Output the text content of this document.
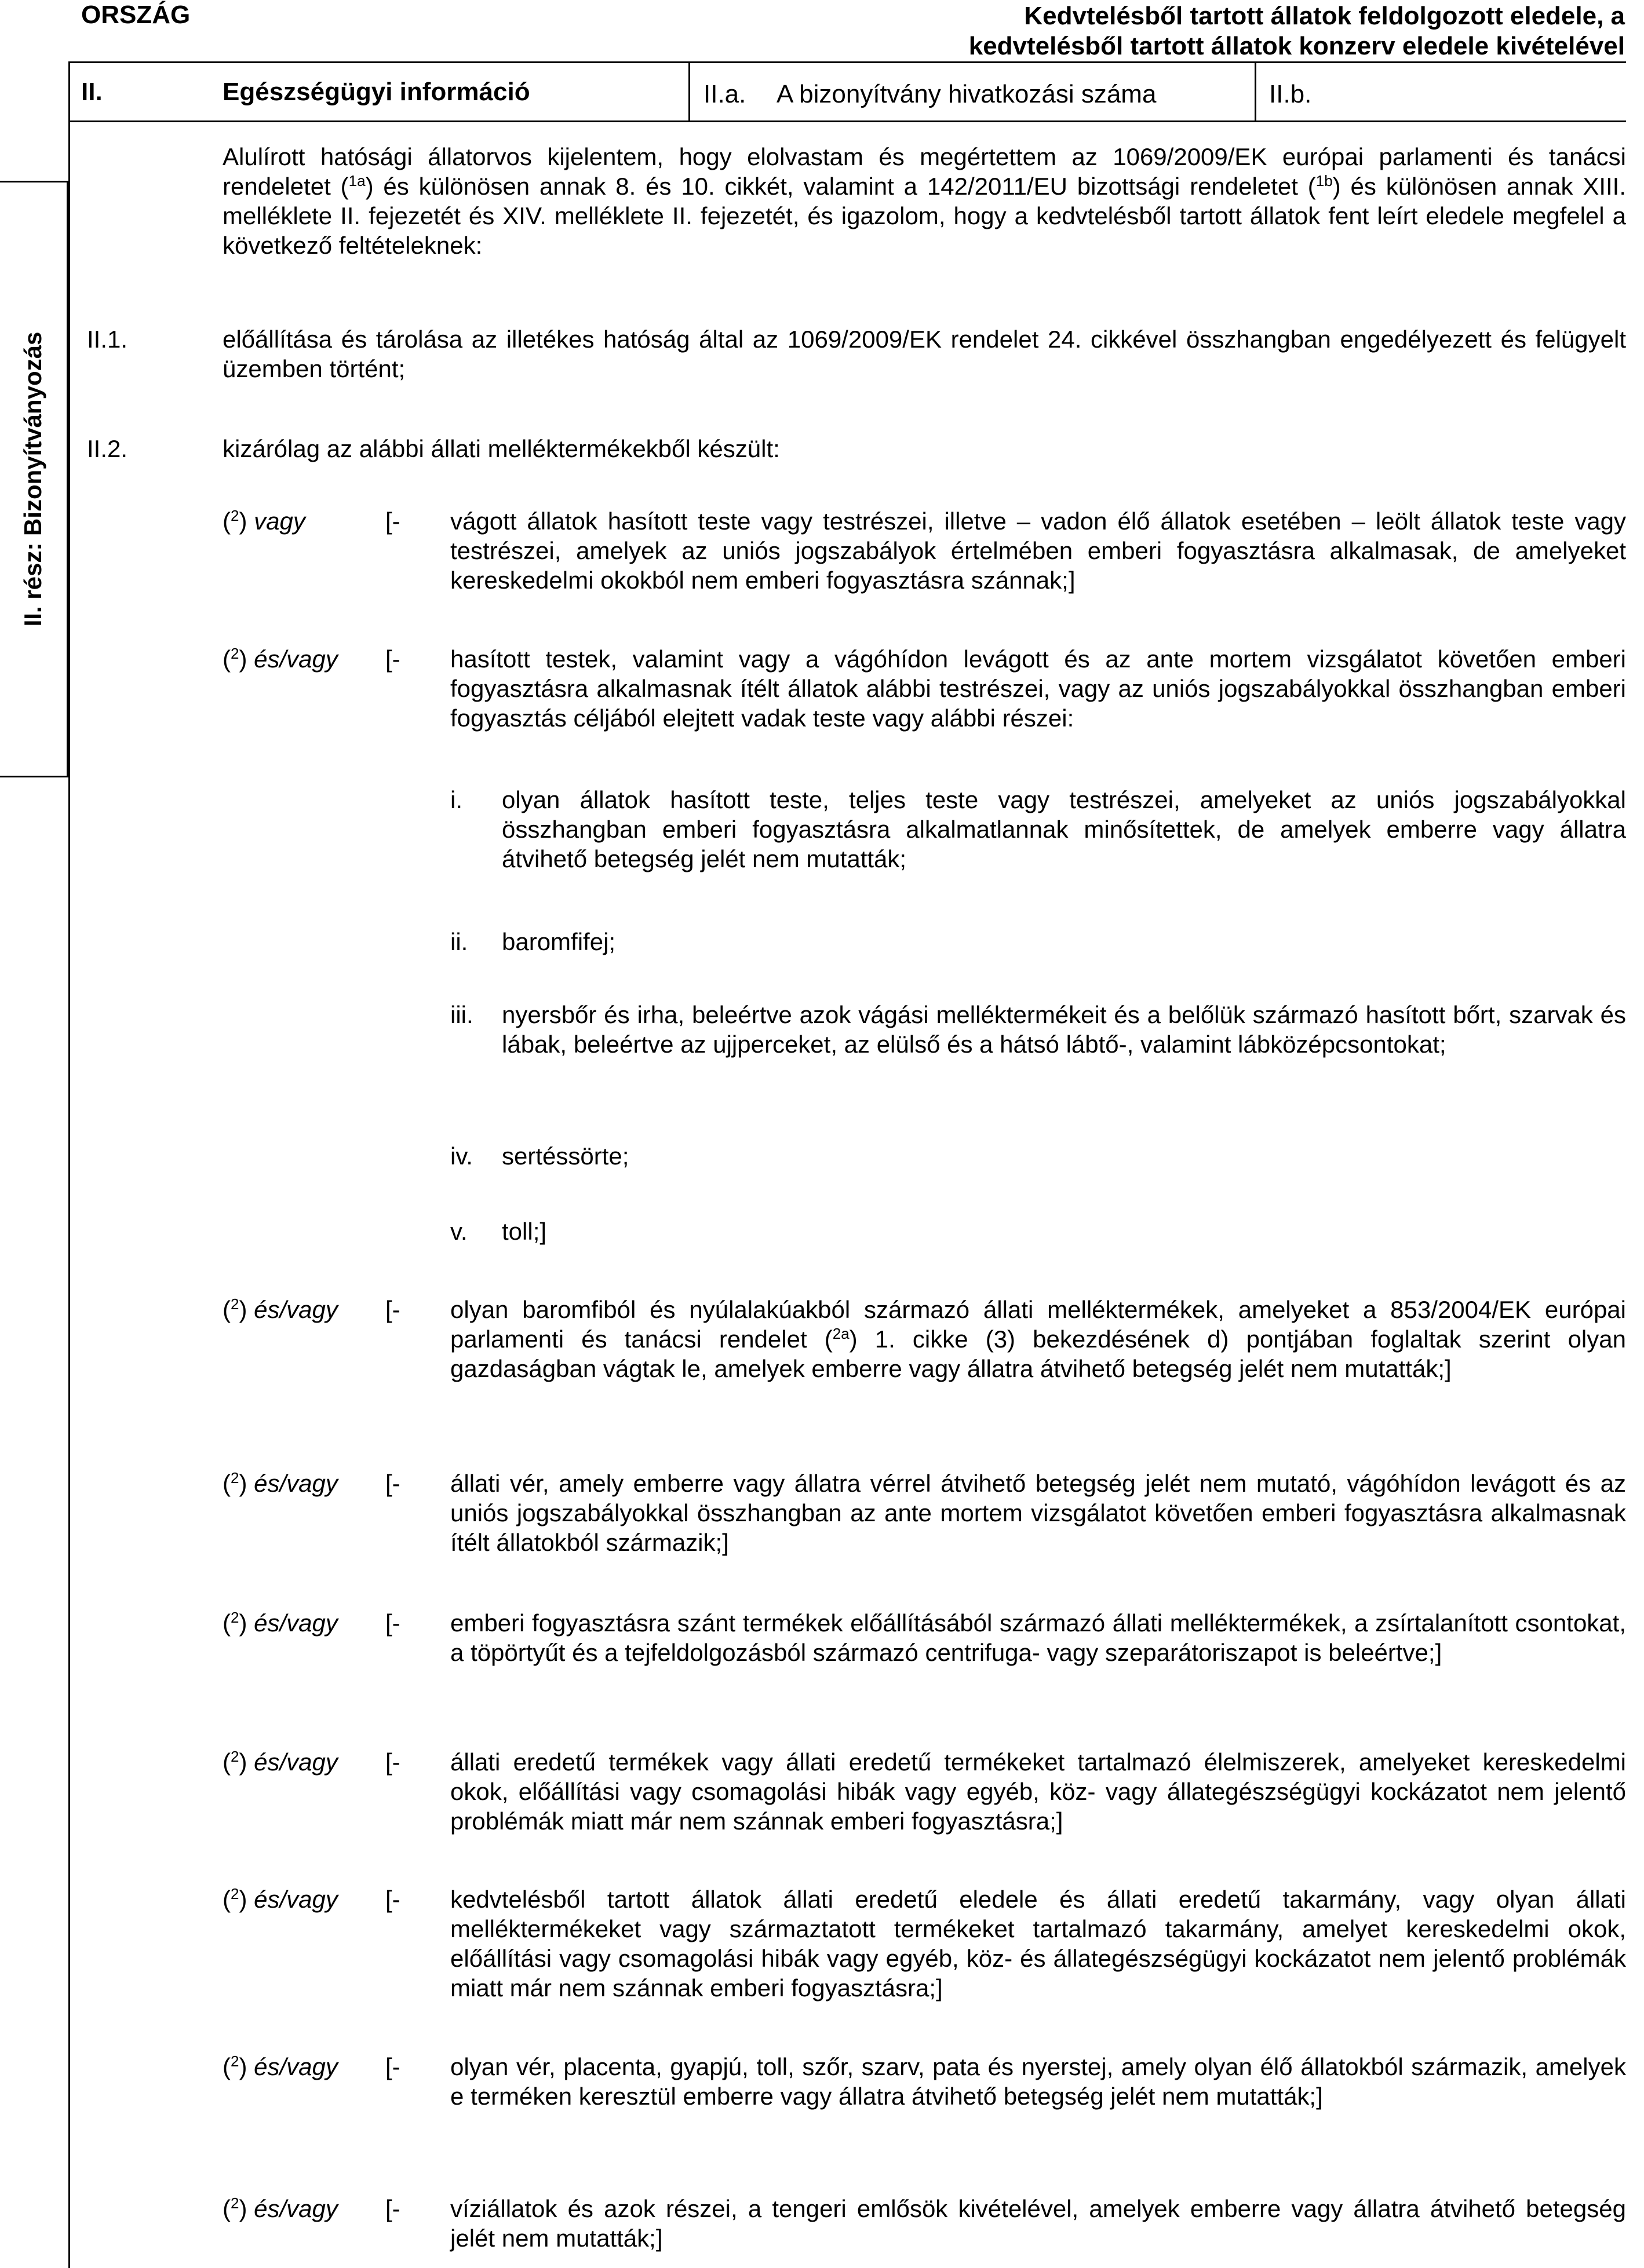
ORSZÁG	Kedvtelésből tartott állatok feldolgozott eledele, a
kedvtelésből tartott állatok konzerv eledele kivételével
II.	Egészségügyi információ	II.a. A bizonyítvány hivatkozási száma	II.b.
II. rész: Bizonyítványozás
Alulírott hatósági állatorvos kijelentem, hogy elolvastam és megértettem az 1069/2009/EK európai parlamenti és tanácsi rendeletet ($^{1a}$) és különösen annak 8. és 10. cikkét, valamint a 142/2011/EU bizottsági rendeletet ($^{1b}$) és különösen annak XIII. melléklete II. fejezetét és XIV. melléklete II. fejezetét, és igazolom, hogy a kedvtelésből tartott állatok fent leírt eledele megfelel a következő feltételeknek:
II.1.	előállítása és tárolása az illetékes hatóság által az 1069/2009/EK rendelet 24. cikkével összhangban engedélyezett és felügyelt üzemben történt;
II.2.	kizárólag az alábbi állati melléktermékekből készült:
($^2$) vagy	[- vágott állatok hasított teste vagy testrészei, illetve – vadon élő állatok esetében – leölt állatok teste vagy testrészei, amelyek az uniós jogszabályok értelmében emberi fogyasztásra alkalmasak, de amelyeket kereskedelmi okokból nem emberi fogyasztásra szánnak;]
($^2$) és/vagy [- hasított testek, valamint vagy a vágóhídon levágott és az ante mortem vizsgálatot követően emberi fogyasztásra alkalmasnak ítélt állatok alábbi testrészei, vagy az uniós jogszabályokkal összhangban emberi fogyasztás céljából elejtett vadak teste vagy alábbi részei:
i. olyan állatok hasított teste, teljes teste vagy testrészei, amelyeket az uniós jogszabályokkal összhangban emberi fogyasztásra alkalmatlannak minősítettek, de amelyek emberre vagy állatra átvihető betegség jelét nem mutatták;
ii. baromfifej;
iii. nyersbőr és irha, beleértve azok vágási melléktermékeit és a belőlük származó hasított bőrt, szarvak és lábak, beleértve az ujjperceket, az elülső és a hátsó lábtő-, valamint lábközépcsontokat;
iv. sertéssörte;
v. toll;]
($^2$) és/vagy [- olyan baromfiból és nyúlalakúakból származó állati melléktermékek, amelyeket a 853/2004/EK európai parlamenti és tanácsi rendelet ($^{2a}$) 1. cikke (3) bekezdésének d) pontjában foglaltak szerint olyan gazdaságban vágtak le, amelyek emberre vagy állatra átvihető betegség jelét nem mutatták;]
($^2$) és/vagy [- állati vér, amely emberre vagy állatra vérrel átvihető betegség jelét nem mutató, vágóhídon levágott és az uniós jogszabályokkal összhangban az ante mortem vizsgálatot követően emberi fogyasztásra alkalmasnak ítélt állatokból származik;]
($^2$) és/vagy [- emberi fogyasztásra szánt termékek előállításából származó állati melléktermékek, a zsírtalanított csontokat, a töpörtyűt és a tejfeldolgozásból származó centrifuga- vagy szeparátoriszapot is beleértve;]
($^2$) és/vagy [- állati eredetű termékek vagy állati eredetű termékeket tartalmazó élelmiszerek, amelyeket kereskedelmi okok, előállítási vagy csomagolási hibák vagy egyéb, köz- vagy állategészségügyi kockázatot nem jelentő problémák miatt már nem szánnak emberi fogyasztásra;]
($^2$) és/vagy [- kedvtelésből tartott állatok állati eredetű eledele és állati eredetű takarmány, vagy olyan állati melléktermékeket vagy származtatott termékeket tartalmazó takarmány, amelyet kereskedelmi okok, előállítási vagy csomagolási hibák vagy egyéb, köz- és állategészségügyi kockázatot nem jelentő problémák miatt már nem szánnak emberi fogyasztásra;]
($^2$) és/vagy [- olyan vér, placenta, gyapjú, toll, szőr, szarv, pata és nyerstej, amely olyan élő állatokból származik, amelyek e terméken keresztül emberre vagy állatra átvihető betegség jelét nem mutatták;]
($^2$) és/vagy [- víziállatok és azok részei, a tengeri emlősök kivételével, amelyek emberre vagy állatra átvihető betegség jelét nem mutatták;]
